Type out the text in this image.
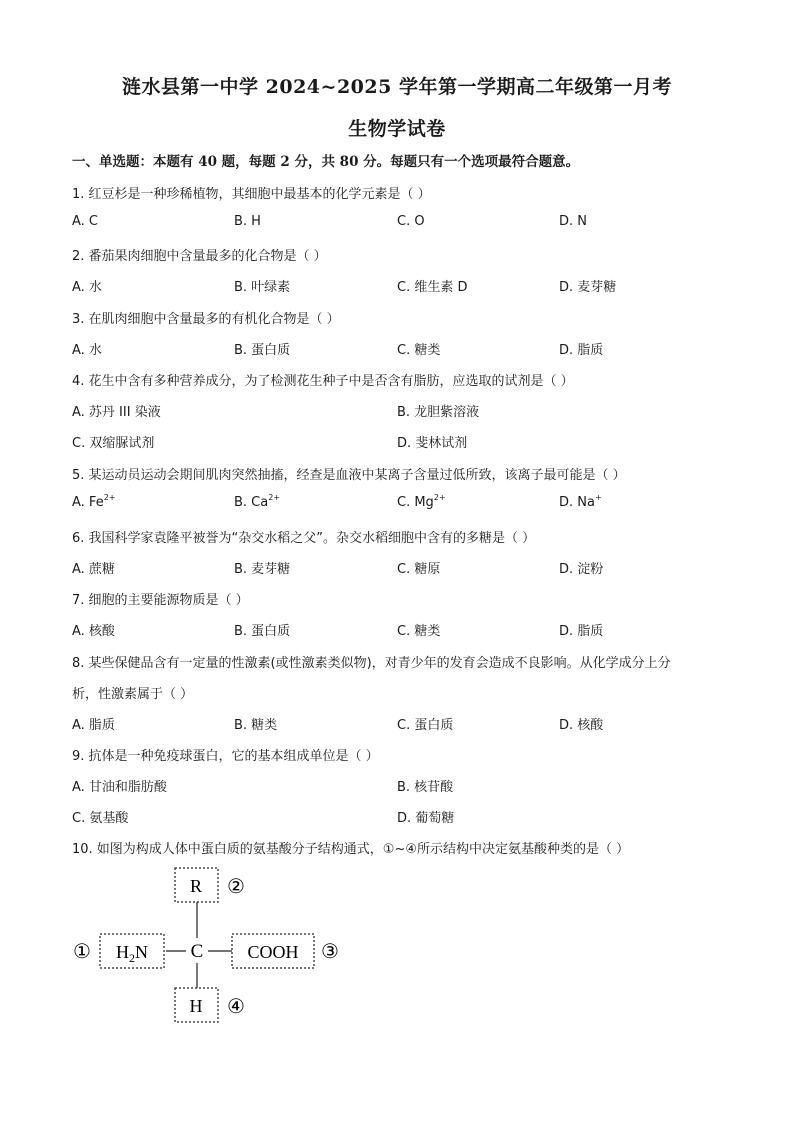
涟水县第一中学 2024~2025 学年第一学期高二年级第一月考
生物学试卷
一、单选题：本题有 40 题，每题 2 分，共 80 分。每题只有一个选项最符合题意。
1. 红豆杉是一种珍稀植物，其细胞中最基本的化学元素是（ ）
A. C	B. H	C. O	D. N
2. 番茄果肉细胞中含量最多的化合物是（ ）
A. 水	B. 叶绿素	C. 维生素 D	D. 麦芽糖
3. 在肌肉细胞中含量最多的有机化合物是（ ）
A. 水	B. 蛋白质	C. 糖类	D. 脂质
4. 花生中含有多种营养成分，为了检测花生种子中是否含有脂肪，应选取的试剂是（ ）
A. 苏丹 III 染液	B. 龙胆紫溶液
C. 双缩脲试剂	D. 斐林试剂
5. 某运动员运动会期间肌肉突然抽搐，经查是血液中某离子含量过低所致，该离子最可能是（ ）
A. $Fe^{2+}$	B. $Ca^{2+}$	C. $Mg^{2+}$	D. Na+
6. 我国科学家袁隆平被誉为“杂交水稻之父”。杂交水稻细胞中含有的多糖是（ ）
A. 蔗糖	B. 麦芽糖	C. 糖原	D. 淀粉
7. 细胞的主要能源物质是（ ）
A. 核酸	B. 蛋白质	C. 糖类	D. 脂质
8. 某些保健品含有一定量的性激素(或性激素类似物)，对青少年的发育会造成不良影响。从化学成分上分
析，性激素属于（ ）
A. 脂质	B. 糖类	C. 蛋白质	D. 核酸
9. 抗体是一种免疫球蛋白，它的基本组成单位是（ ）
A. 甘油和脂肪酸	B. 核苷酸
C. 氨基酸	D. 葡萄糖
10. 如图为构成人体中蛋白质的氨基酸分子结构通式，①~④所示结构中决定氨基酸种类的是（ ）
R ②
C
① $H_2N$	COOH ③
H ④
